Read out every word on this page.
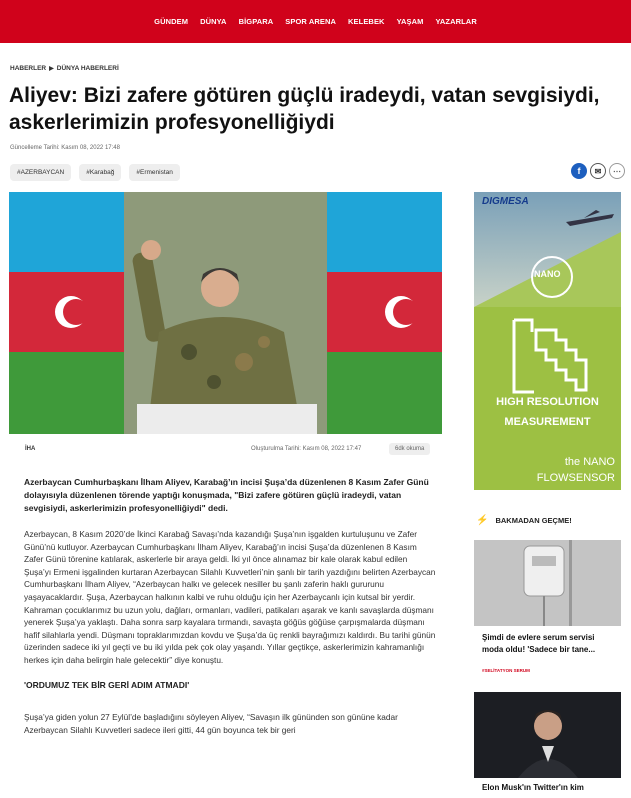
GÜNDEM DÜNYA BİGPARA SPOR ARENA KELEBEK YAŞAM YAZARLAR
HABERLER ▶ DÜNYA HABERLERİ
Aliyev: Bizi zafere götüren güçlü iradeydi, vatan sevgisiydi, askerlerimizin profesyonelliğiydi
Güncelleme Tarihi: Kasım 08, 2022 17:48
#AZERBAYCAN	#Karabağ	#Ermenistan	f	✉	⋯
İHA	Oluşturulma Tarihi: Kasım 08, 2022 17:47	6dk okuma

Azerbaycan Cumhurbaşkanı İlham Aliyev, Karabağ’ın incisi Şuşa’da düzenlenen 8 Kasım Zafer Günü dolayısıyla düzenlenen törende yaptığı konuşmada, "Bizi zafere götüren güçlü iradeydi, vatan sevgisiydi, askerlerimizin profesyonelliğiydi" dedi.

Azerbaycan, 8 Kasım 2020’de İkinci Karabağ Savaşı’nda kazandığı Şuşa’nın işgalden kurtuluşunu ve Zafer Günü’nü kutluyor. Azerbaycan Cumhurbaşkanı İlham Aliyev, Karabağ’ın incisi Şuşa’da düzenlenen 8 Kasım Zafer Günü törenine katılarak, askerlerle bir araya geldi. İki yıl önce alınamaz bir kale olarak kabul edilen Şuşa’yı Ermeni işgalinden kurtaran Azerbaycan Silahlı Kuvvetleri’nin şanlı bir tarih yazdığını belirten Azerbaycan Cumhurbaşkanı İlham Aliyev, “Azerbaycan halkı ve gelecek nesiller bu şanlı zaferin haklı gururunu yaşayacaklardır. Şuşa, Azerbaycan halkının kalbi ve ruhu olduğu için her Azerbaycanlı için kutsal bir yerdir. Kahraman çocuklarımız bu uzun yolu, dağları, ormanları, vadileri, patikaları aşarak ve kanlı savaşlarda düşmanı yenerek Şuşa’ya yaklaştı. Daha sonra sarp kayalara tırmandı, savaşta göğüs göğüse çarpışmalarda düşmanı hafif silahlarla yendi. Düşmanı topraklarımızdan kovdu ve Şuşa’da üç renkli bayrağımızı kaldırdı. Bu tarihi günün üzerinden sadece iki yıl geçti ve bu iki yılda pek çok olay yaşandı. Yıllar geçtikçe, askerlerimizin kahramanlığı herkes için daha belirgin hale gelecektir” diye konuştu.

'ORDUMUZ TEK BİR GERİ ADIM ATMADI'

Şuşa’ya giden yolun 27 Eylül’de başladığını söyleyen Aliyev, “Savaşın ilk gününden son gününe kadar Azerbaycan Silahlı Kuvvetleri sadece ileri gitti, 44 gün boyunca tek bir geri

DIGMESA
NANO
HIGH RESOLUTION
MEASUREMENT
the NANO
FLOWSENSOR
⚡ BAKMADAN GEÇME!
Şimdi de evlere serum servisi moda oldu! 'Sadece bir tane...
#SELİTATYON SERUM
Elon Musk'ın Twitter'ın kim
